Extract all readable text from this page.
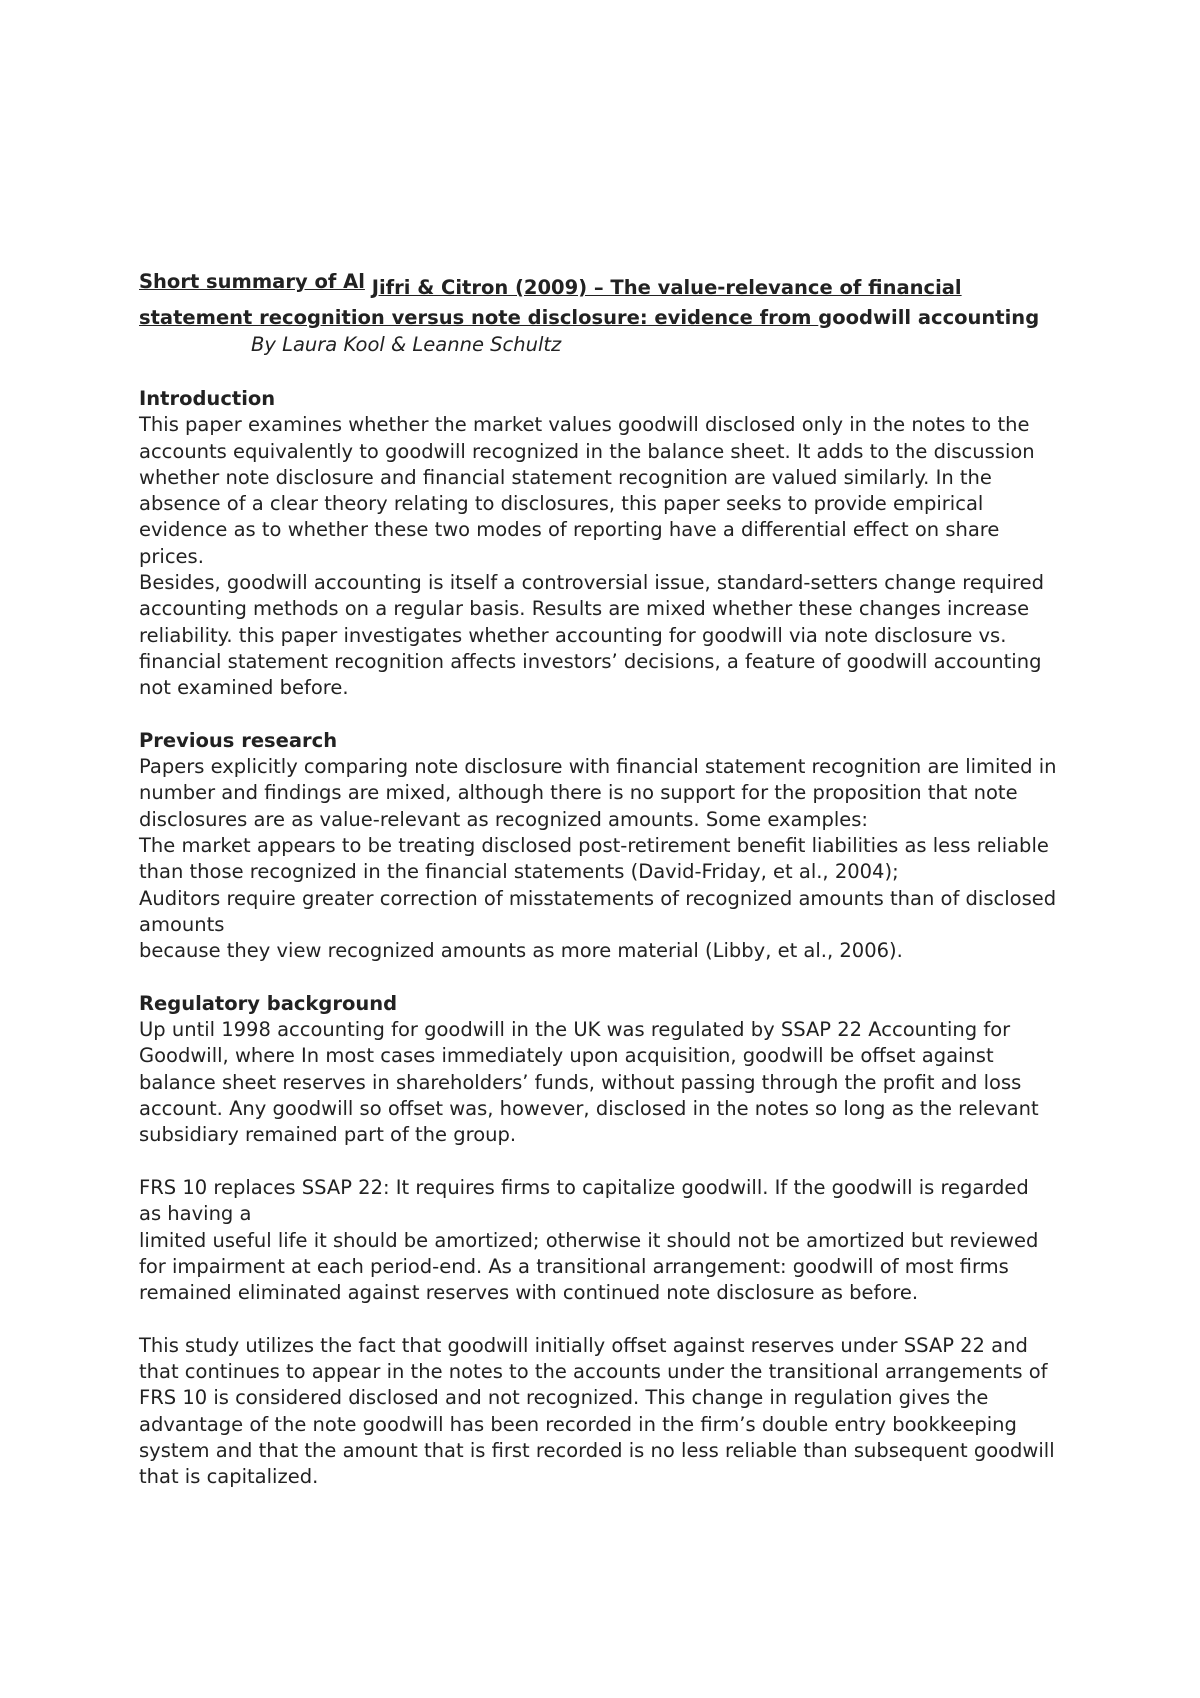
Short summary of Al Jifri & Citron (2009) – The value-relevance of financial
statement recognition versus note disclosure: evidence from goodwill accounting
By Laura Kool & Leanne Schultz
Introduction

This paper examines whether the market values goodwill disclosed only in the notes to the
accounts equivalently to goodwill recognized in the balance sheet. It adds to the discussion
whether note disclosure and financial statement recognition are valued similarly. In the
absence of a clear theory relating to disclosures, this paper seeks to provide empirical
evidence as to whether these two modes of reporting have a differential effect on share
prices.

Besides, goodwill accounting is itself a controversial issue, standard-setters change required
accounting methods on a regular basis. Results are mixed whether these changes increase
reliability. this paper investigates whether accounting for goodwill via note disclosure vs.
financial statement recognition affects investors’ decisions, a feature of goodwill accounting
not examined before.

Previous research

Papers explicitly comparing note disclosure with financial statement recognition are limited in
number and findings are mixed, although there is no support for the proposition that note
disclosures are as value-relevant as recognized amounts. Some examples:

The market appears to be treating disclosed post-retirement benefit liabilities as less reliable
than those recognized in the financial statements (David-Friday, et al., 2004);

Auditors require greater correction of misstatements of recognized amounts than of disclosed
amounts

because they view recognized amounts as more material (Libby, et al., 2006).

Regulatory background

Up until 1998 accounting for goodwill in the UK was regulated by SSAP 22 Accounting for
Goodwill, where In most cases immediately upon acquisition, goodwill be offset against
balance sheet reserves in shareholders’ funds, without passing through the profit and loss
account. Any goodwill so offset was, however, disclosed in the notes so long as the relevant
subsidiary remained part of the group.

FRS 10 replaces SSAP 22: It requires firms to capitalize goodwill. If the goodwill is regarded
as having a

limited useful life it should be amortized; otherwise it should not be amortized but reviewed
for impairment at each period-end. As a transitional arrangement: goodwill of most firms
remained eliminated against reserves with continued note disclosure as before.

This study utilizes the fact that goodwill initially offset against reserves under SSAP 22 and
that continues to appear in the notes to the accounts under the transitional arrangements of
FRS 10 is considered disclosed and not recognized. This change in regulation gives the
advantage of the note goodwill has been recorded in the firm’s double entry bookkeeping
system and that the amount that is first recorded is no less reliable than subsequent goodwill
that is capitalized.
